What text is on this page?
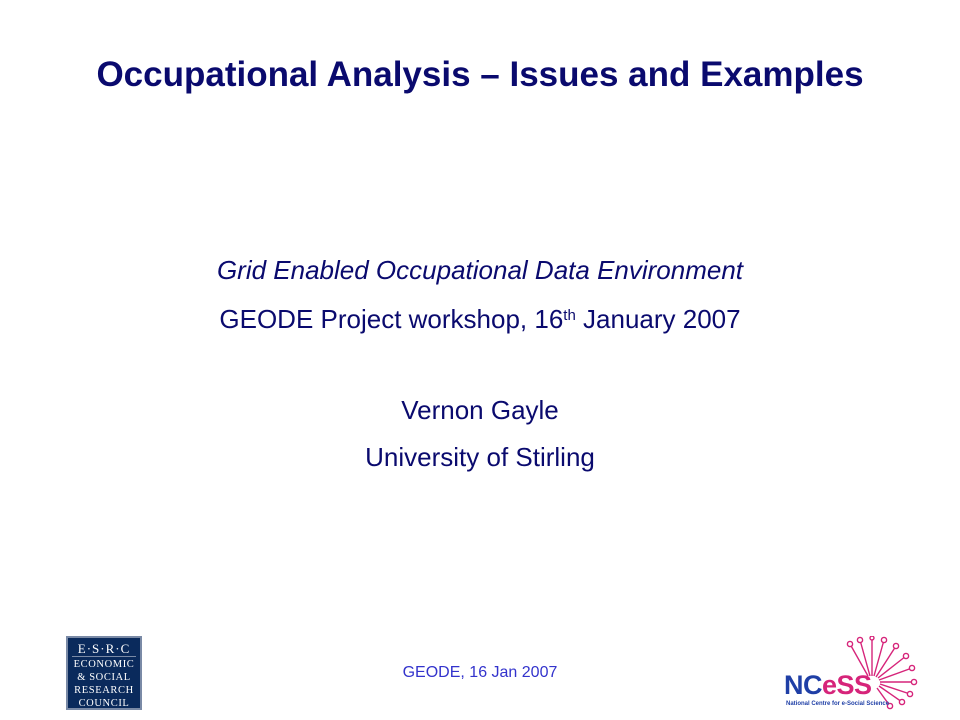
Occupational Analysis – Issues and Examples
Grid Enabled Occupational Data Environment
GEODE Project workshop, 16th January 2007
Vernon Gayle
University of Stirling
E·S·R·C
ECONOMIC
& SOCIAL
RESEARCH
COUNCIL
GEODE, 16 Jan 2007	NCeSS
National Centre for e-Social Science
